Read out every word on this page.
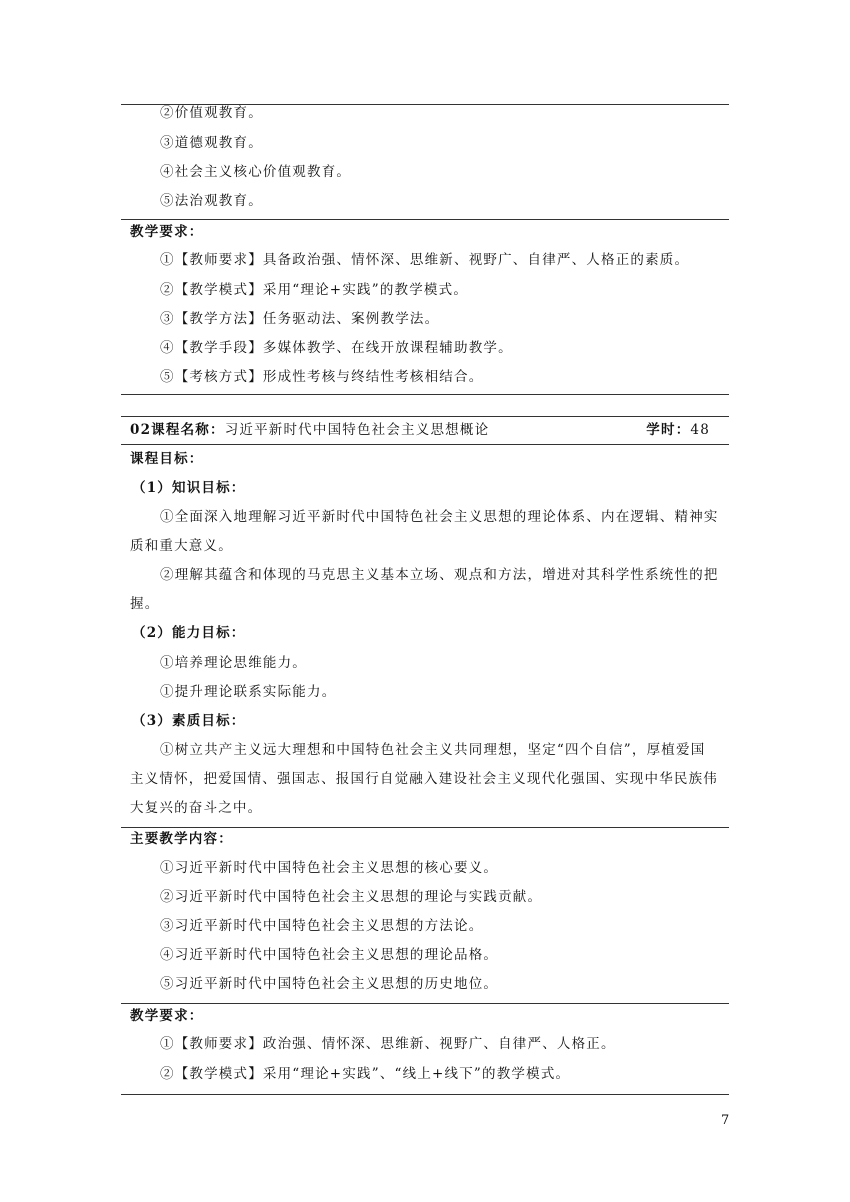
②价值观教育。
③道德观教育。
④社会主义核心价值观教育。
⑤法治观教育。
教学要求：
①【教师要求】具备政治强、情怀深、思维新、视野广、自律严、人格正的素质。
②【教学模式】采用“理论+实践”的教学模式。
③【教学方法】任务驱动法、案例教学法。
④【教学手段】多媒体教学、在线开放课程辅助教学。
⑤【考核方式】形成性考核与终结性考核相结合。
02课程名称：习近平新时代中国特色社会主义思想概论	学时：48
课程目标：
（1）知识目标：
①全面深入地理解习近平新时代中国特色社会主义思想的理论体系、内在逻辑、精神实
质和重大意义。
②理解其蕴含和体现的马克思主义基本立场、观点和方法，增进对其科学性系统性的把
握。
（2）能力目标：
①培养理论思维能力。
①提升理论联系实际能力。
（3）素质目标：
①树立共产主义远大理想和中国特色社会主义共同理想，坚定“四个自信”，厚植爱国
主义情怀，把爱国情、强国志、报国行自觉融入建设社会主义现代化强国、实现中华民族伟
大复兴的奋斗之中。
主要教学内容：
①习近平新时代中国特色社会主义思想的核心要义。
②习近平新时代中国特色社会主义思想的理论与实践贡献。
③习近平新时代中国特色社会主义思想的方法论。
④习近平新时代中国特色社会主义思想的理论品格。
⑤习近平新时代中国特色社会主义思想的历史地位。
教学要求：
①【教师要求】政治强、情怀深、思维新、视野广、自律严、人格正。
②【教学模式】采用“理论+实践”、“线上+线下”的教学模式。
7
